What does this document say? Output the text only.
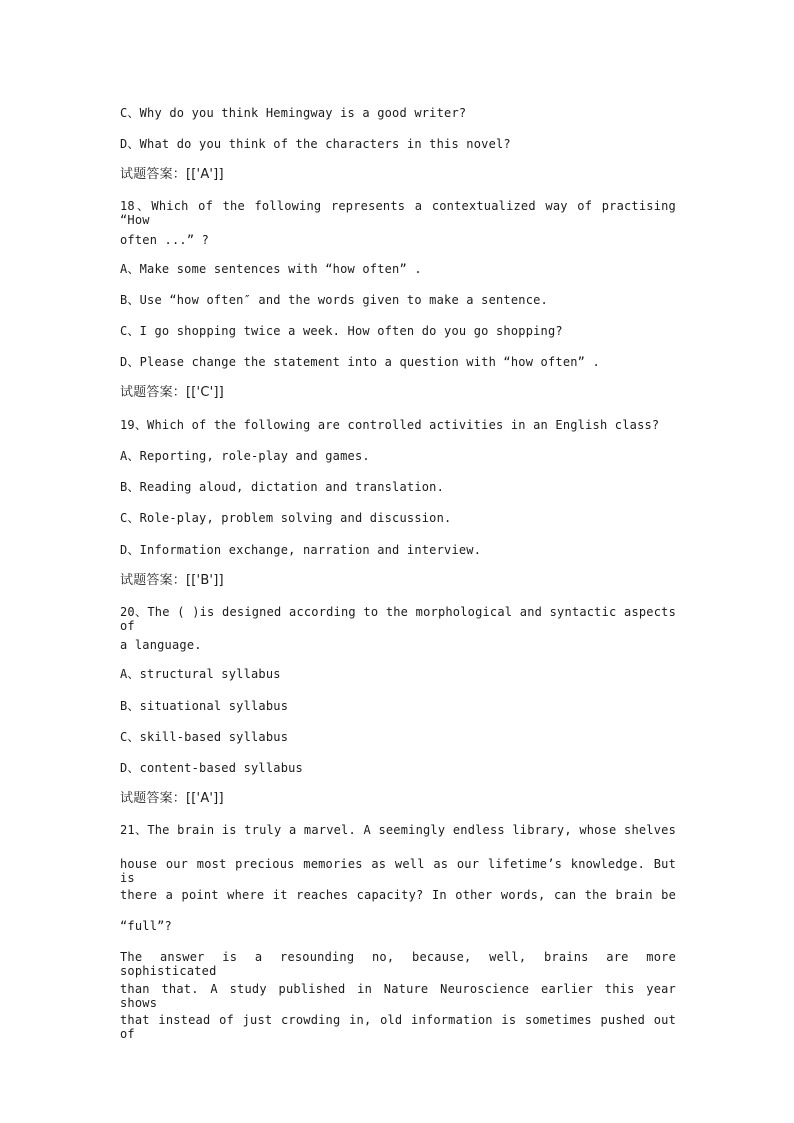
C、Why do you think Hemingway is a good writer?
D、What do you think of the characters in this novel?
试题答案：[['A']]
18、Which of the following represents a contextualized way of practising “How
often ...” ?
A、Make some sentences with “how often” .
B、Use “how often″ and the words given to make a sentence.
C、I go shopping twice a week. How often do you go shopping?
D、Please change the statement into a question with “how often” .
试题答案：[['C']]
19、Which of the following are controlled activities in an English class?
A、Reporting, role-play and games.
B、Reading aloud, dictation and translation.
C、Role-play, problem solving and discussion.
D、Information exchange, narration and interview.
试题答案：[['B']]
20、The ( )is designed according to the morphological and syntactic aspects of
a language.
A、structural syllabus
B、situational syllabus
C、skill-based syllabus
D、content-based syllabus
试题答案：[['A']]
21、The brain is truly a marvel. A seemingly endless library, whose shelves
house our most precious memories as well as our lifetime’s knowledge. But is
there a point where it reaches capacity? In other words, can the brain be
“full”?
The answer is a resounding no, because, well, brains are more sophisticated
than that. A study published in Nature Neuroscience earlier this year shows
that instead of just crowding in, old information is sometimes pushed out of
